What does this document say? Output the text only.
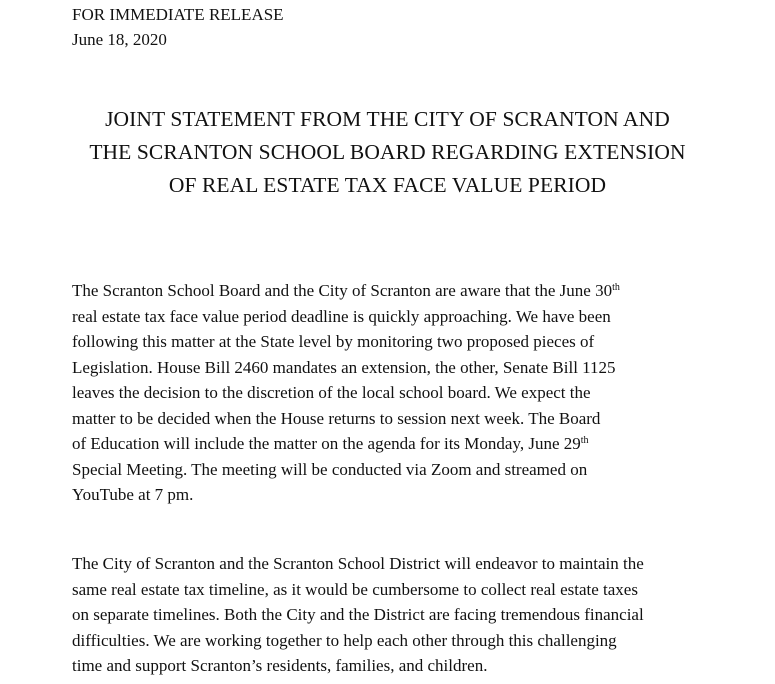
FOR IMMEDIATE RELEASE
June 18, 2020
JOINT STATEMENT FROM THE CITY OF SCRANTON AND
THE SCRANTON SCHOOL BOARD REGARDING EXTENSION
OF REAL ESTATE TAX FACE VALUE PERIOD
The Scranton School Board and the City of Scranton are aware that the June 30th
real estate tax face value period deadline is quickly approaching. We have been
following this matter at the State level by monitoring two proposed pieces of
Legislation. House Bill 2460 mandates an extension, the other, Senate Bill 1125
leaves the decision to the discretion of the local school board. We expect the
matter to be decided when the House returns to session next week. The Board
of Education will include the matter on the agenda for its Monday, June 29th
Special Meeting. The meeting will be conducted via Zoom and streamed on
YouTube at 7 pm.
The City of Scranton and the Scranton School District will endeavor to maintain the
same real estate tax timeline, as it would be cumbersome to collect real estate taxes
on separate timelines. Both the City and the District are facing tremendous financial
difficulties. We are working together to help each other through this challenging
time and support Scranton’s residents, families, and children.
